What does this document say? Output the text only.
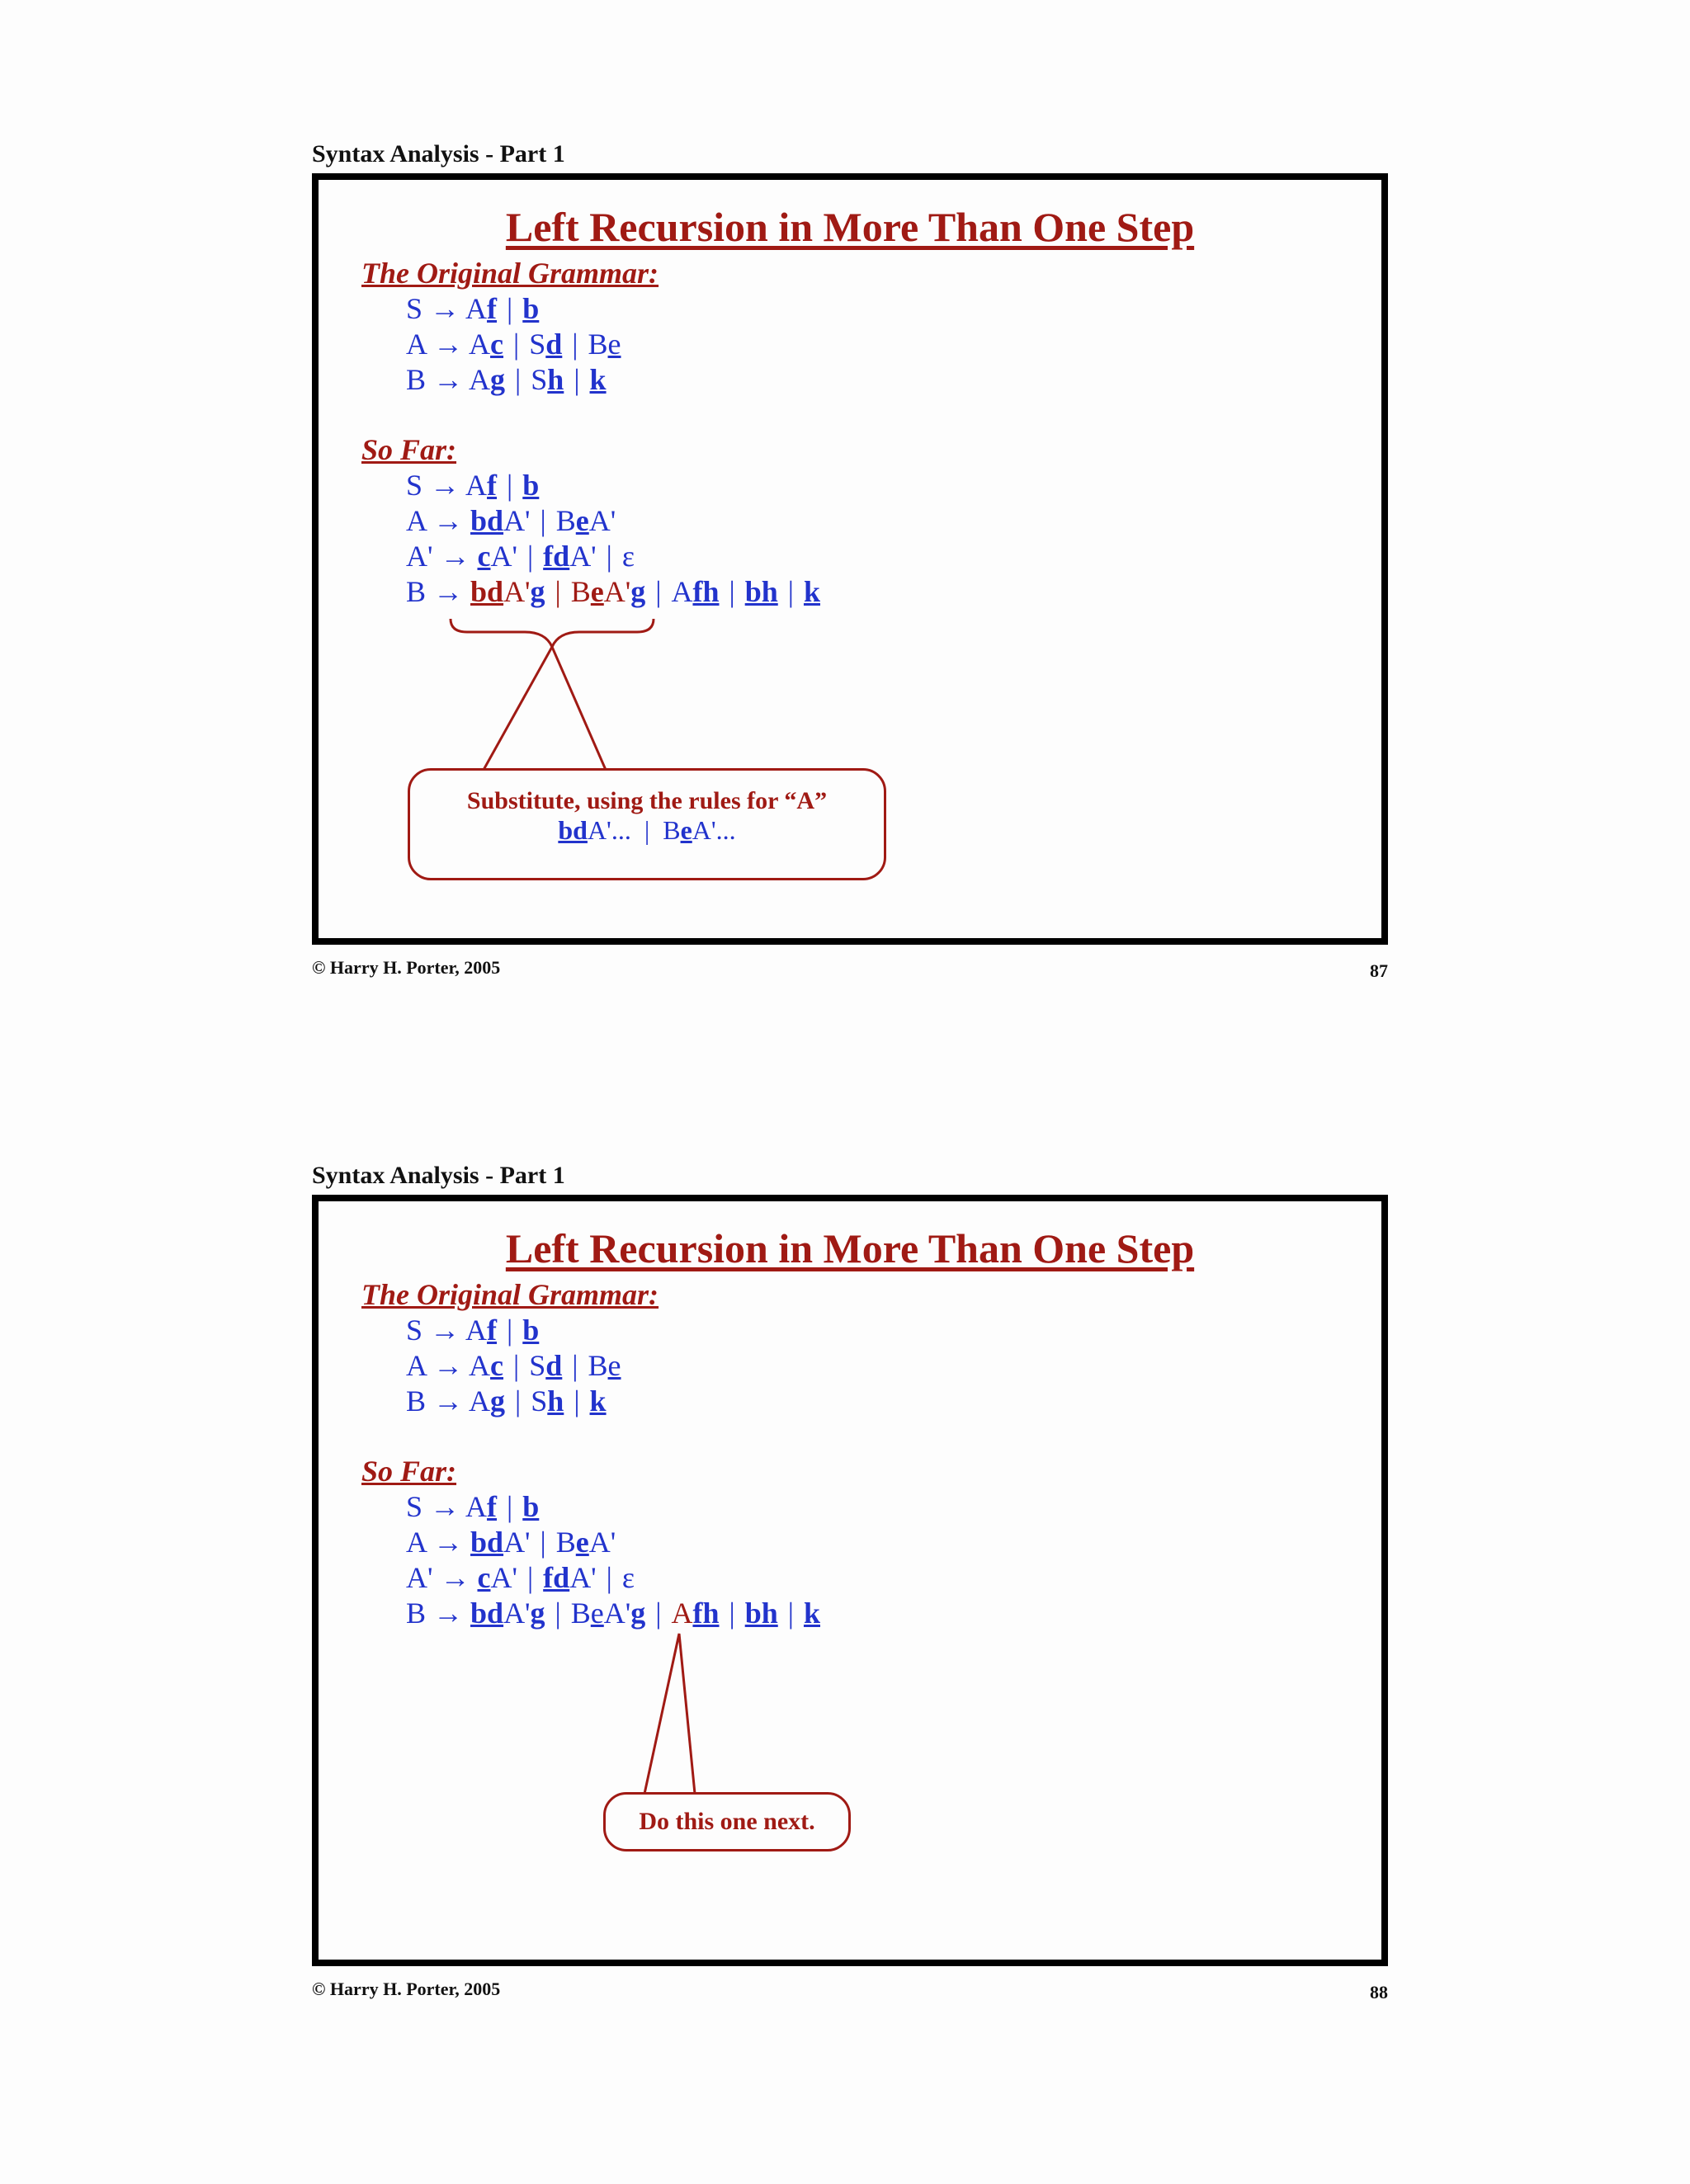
Syntax Analysis - Part 1
Left Recursion in More Than One Step
The Original Grammar:
S → Af | b
A → Ac | Sd | Be
B → Ag | Sh | k
So Far:
S → Af | b
A → bdA' | BeA'
A' → cA' | fdA' | ε
B → bdA'g | BeA'g | Afh | bh | k
Substitute, using the rules for “A”
bdA'... | BeA'...
© Harry H. Porter, 2005	87
Syntax Analysis - Part 1
Left Recursion in More Than One Step
The Original Grammar:
S → Af | b
A → Ac | Sd | Be
B → Ag | Sh | k
So Far:
S → Af | b
A → bdA' | BeA'
A' → cA' | fdA' | ε
B → bdA'g | BeA'g | Afh | bh | k
Do this one next.
© Harry H. Porter, 2005	88
